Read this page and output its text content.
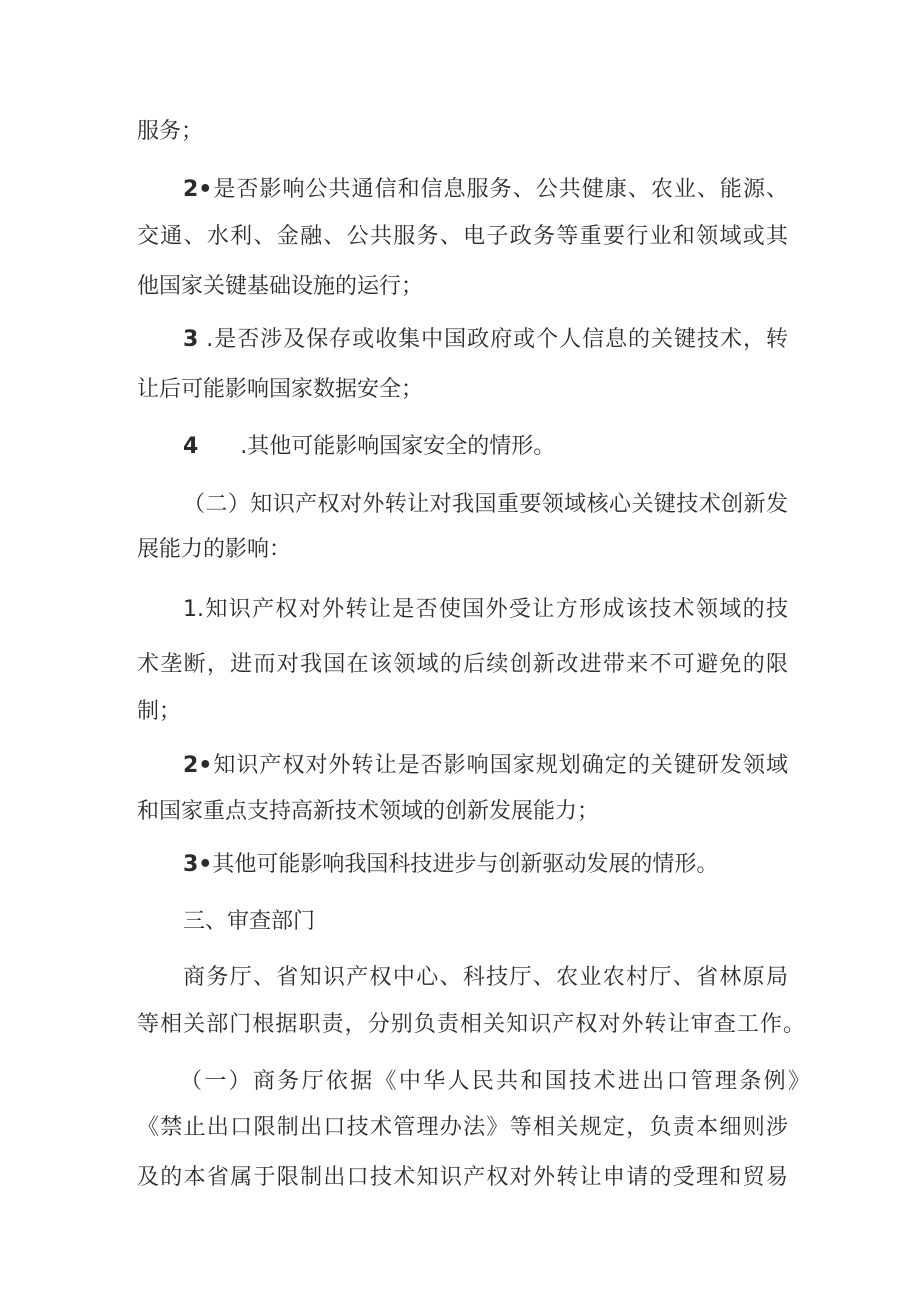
服务；
2•是否影响公共通信和信息服务、公共健康、农业、能源、
交通、水利、金融、公共服务、电子政务等重要行业和领域或其
他国家关键基础设施的运行；
3 .是否涉及保存或收集中国政府或个人信息的关键技术，转
让后可能影响国家数据安全；
4      .其他可能影响国家安全的情形。
（二）知识产权对外转让对我国重要领域核心关键技术创新发
展能力的影响：
1.知识产权对外转让是否使国外受让方形成该技术领域的技
术垄断，进而对我国在该领域的后续创新改进带来不可避免的限
制；
2•知识产权对外转让是否影响国家规划确定的关键研发领域
和国家重点支持高新技术领域的创新发展能力；
3•其他可能影响我国科技进步与创新驱动发展的情形。
三、审查部门
商务厅、省知识产权中心、科技厅、农业农村厅、省林原局
等相关部门根据职责，分别负责相关知识产权对外转让审查工作。
（一）商务厅依据《中华人民共和国技术进出口管理条例》
《禁止出口限制出口技术管理办法》等相关规定，负责本细则涉
及的本省属于限制出口技术知识产权对外转让申请的受理和贸易
